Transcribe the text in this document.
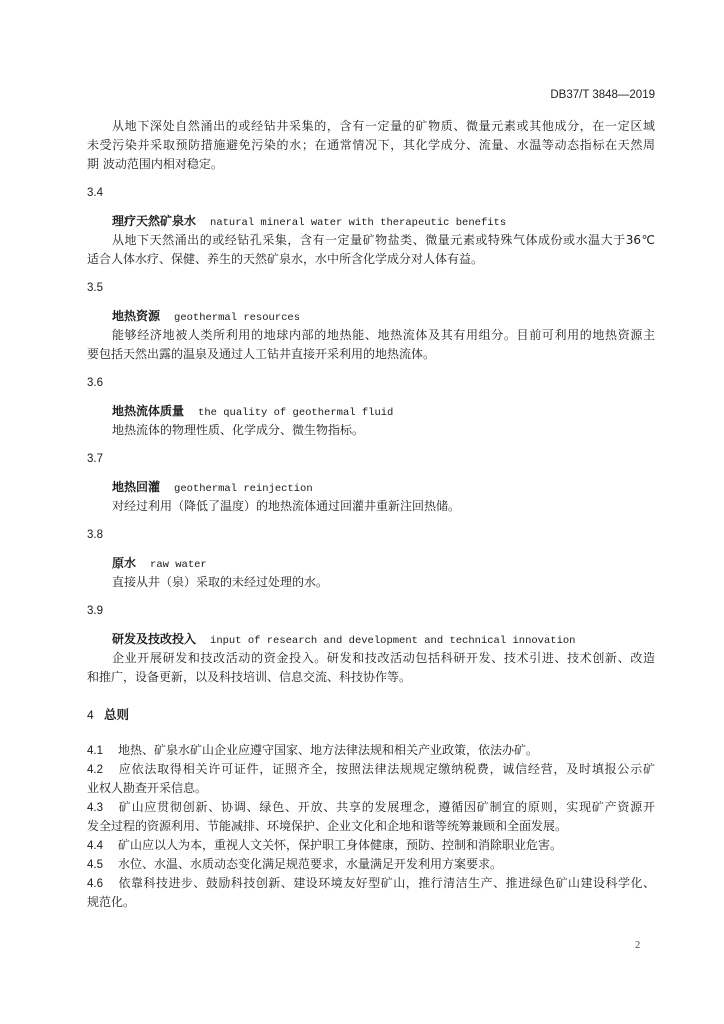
DB37/T 3848—2019
从地下深处自然涌出的或经钻井采集的，含有一定量的矿物质、微量元素或其他成分，在一定区域
未受污染并采取预防措施避免污染的水；在通常情况下，其化学成分、流量、水温等动态指标在天然周
期 波动范围内相对稳定。
3.4
理疗天然矿泉水 natural mineral water with therapeutic benefits
从地下天然涌出的或经钻孔采集，含有一定量矿物盐类、微量元素或特殊气体成份或水温大于36℃
适合人体水疗、保健、养生的天然矿泉水，水中所含化学成分对人体有益。
3.5
地热资源 geothermal resources
能够经济地被人类所利用的地球内部的地热能、地热流体及其有用组分。目前可利用的地热资源主
要包括天然出露的温泉及通过人工钻井直接开采利用的地热流体。
3.6
地热流体质量 the quality of geothermal fluid
地热流体的物理性质、化学成分、微生物指标。
3.7
地热回灌 geothermal reinjection
对经过利用（降低了温度）的地热流体通过回灌井重新注回热储。
3.8
原水 raw water
直接从井（泉）采取的未经过处理的水。
3.9
研发及技改投入 input of research and development and technical innovation
企业开展研发和技改活动的资金投入。研发和技改活动包括科研开发、技术引进、技术创新、改造
和推广，设备更新，以及科技培训、信息交流、科技协作等。
4 总则
4.1 地热、矿泉水矿山企业应遵守国家、地方法律法规和相关产业政策，依法办矿。
4.2 应依法取得相关许可证件，证照齐全，按照法律法规规定缴纳税费，诚信经营，及时填报公示矿
业权人勘查开采信息。
4.3 矿山应贯彻创新、协调、绿色、开放、共享的发展理念，遵循因矿制宜的原则，实现矿产资源开
发全过程的资源利用、节能减排、环境保护、企业文化和企地和谐等统筹兼顾和全面发展。
4.4 矿山应以人为本，重视人文关怀，保护职工身体健康，预防、控制和消除职业危害。
4.5 水位、水温、水质动态变化满足规范要求，水量满足开发利用方案要求。
4.6 依靠科技进步、鼓励科技创新、建设环境友好型矿山，推行清洁生产、推进绿色矿山建设科学化、
规范化。
2
